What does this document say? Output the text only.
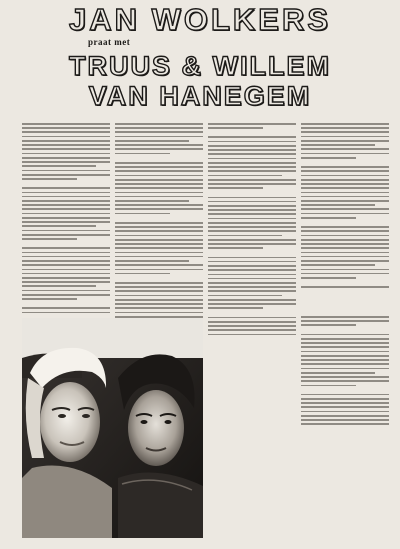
JAN WOLKERS
praat met
TRUUS & WILLEM
VAN HANEGEM
